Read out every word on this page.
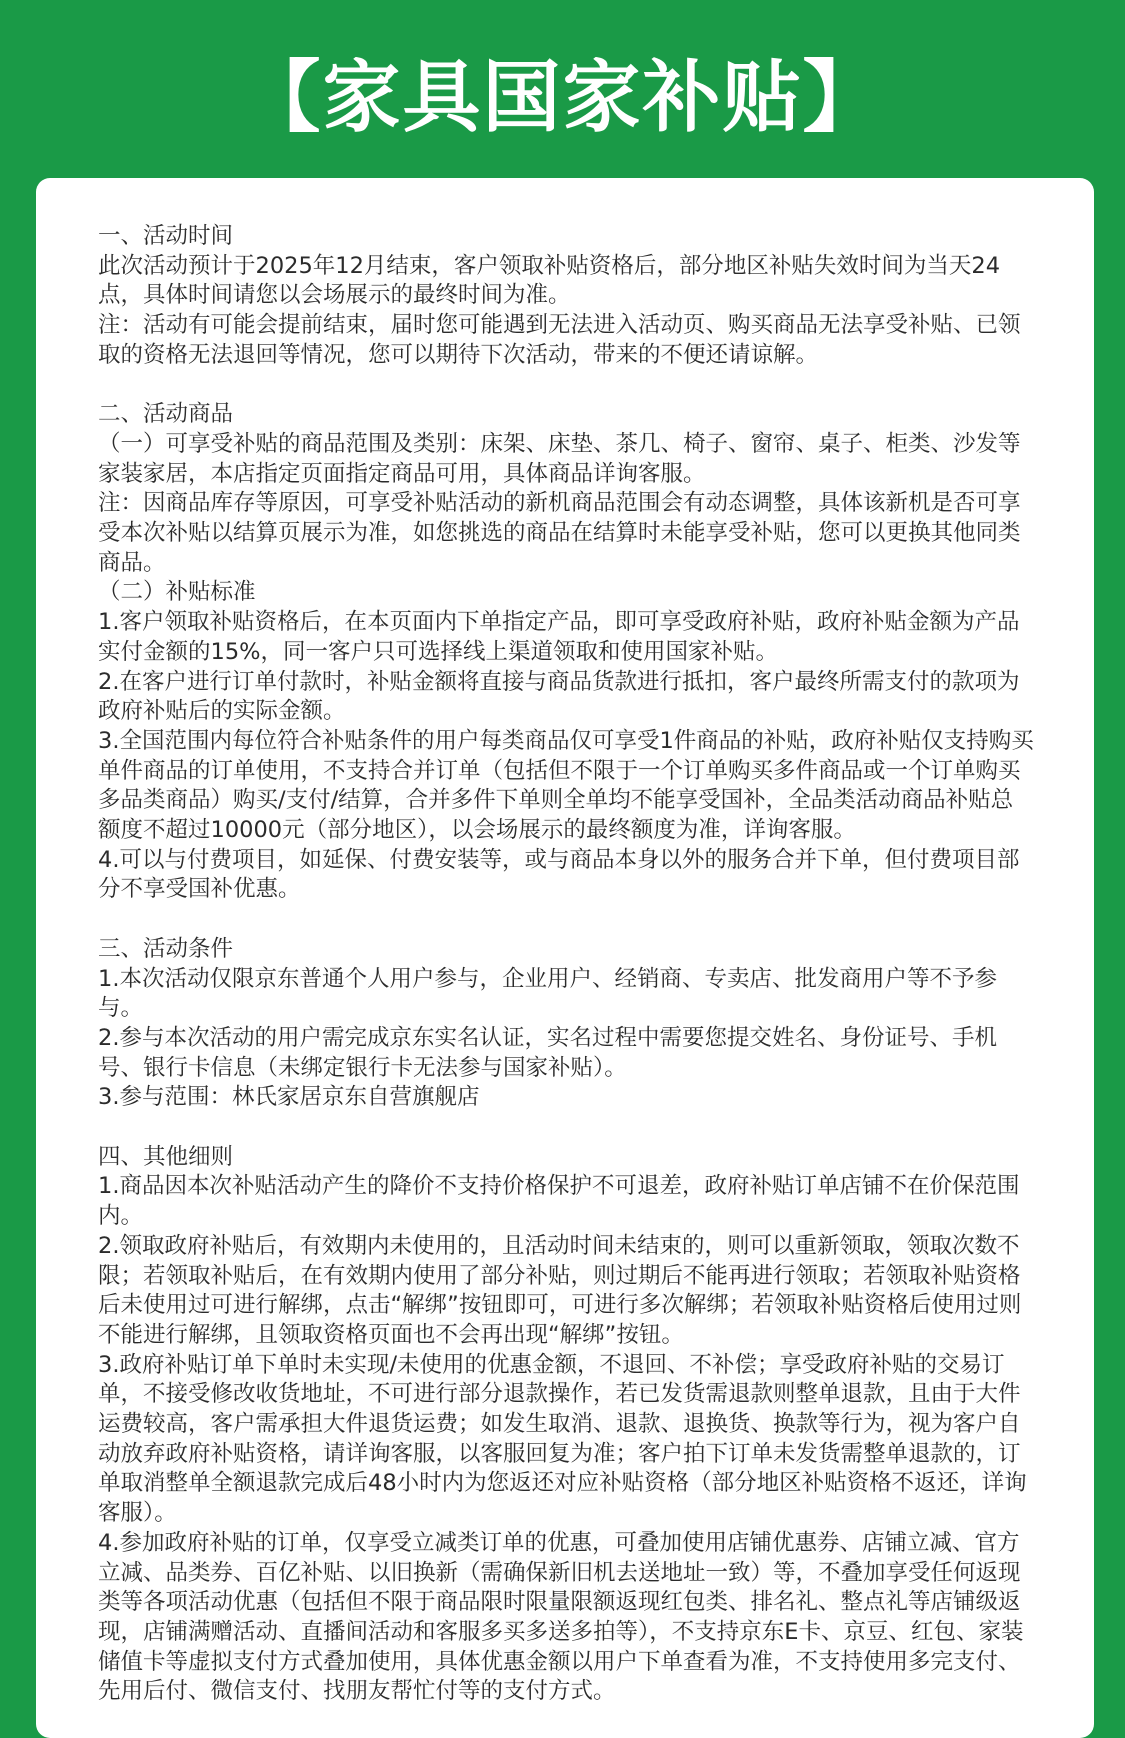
【家具国家补贴】

一、活动时间

此次活动预计于2025年12月结束，客户领取补贴资格后，部分地区补贴失效时间为当天24点，具体时间请您以会场展示的最终时间为准。

注：活动有可能会提前结束，届时您可能遇到无法进入活动页、购买商品无法享受补贴、已领取的资格无法退回等情况，您可以期待下次活动，带来的不便还请谅解。

二、活动商品

（一）可享受补贴的商品范围及类别：床架、床垫、茶几、椅子、窗帘、桌子、柜类、沙发等家装家居，本店指定页面指定商品可用，具体商品详询客服。

注：因商品库存等原因，可享受补贴活动的新机商品范围会有动态调整，具体该新机是否可享受本次补贴以结算页展示为准，如您挑选的商品在结算时未能享受补贴，您可以更换其他同类商品。

（二）补贴标准

1.客户领取补贴资格后，在本页面内下单指定产品，即可享受政府补贴，政府补贴金额为产品实付金额的15%，同一客户只可选择线上渠道领取和使用国家补贴。

2.在客户进行订单付款时，补贴金额将直接与商品货款进行抵扣，客户最终所需支付的款项为政府补贴后的实际金额。

3.全国范围内每位符合补贴条件的用户每类商品仅可享受1件商品的补贴，政府补贴仅支持购买单件商品的订单使用，不支持合并订单（包括但不限于一个订单购买多件商品或一个订单购买多品类商品）购买/支付/结算，合并多件下单则全单均不能享受国补，全品类活动商品补贴总额度不超过10000元（部分地区），以会场展示的最终额度为准，详询客服。

4.可以与付费项目，如延保、付费安装等，或与商品本身以外的服务合并下单，但付费项目部分不享受国补优惠。

三、活动条件

1.本次活动仅限京东普通个人用户参与，企业用户、经销商、专卖店、批发商用户等不予参与。

2.参与本次活动的用户需完成京东实名认证，实名过程中需要您提交姓名、身份证号、手机号、银行卡信息（未绑定银行卡无法参与国家补贴）。

3.参与范围：林氏家居京东自营旗舰店

四、其他细则

1.商品因本次补贴活动产生的降价不支持价格保护不可退差，政府补贴订单店铺不在价保范围内。

2.领取政府补贴后，有效期内未使用的，且活动时间未结束的，则可以重新领取，领取次数不限；若领取补贴后，在有效期内使用了部分补贴，则过期后不能再进行领取；若领取补贴资格后未使用过可进行解绑，点击“解绑”按钮即可，可进行多次解绑；若领取补贴资格后使用过则不能进行解绑，且领取资格页面也不会再出现“解绑”按钮。

3.政府补贴订单下单时未实现/未使用的优惠金额，不退回、不补偿；享受政府补贴的交易订单，不接受修改收货地址，不可进行部分退款操作，若已发货需退款则整单退款，且由于大件运费较高，客户需承担大件退货运费；如发生取消、退款、退换货、换款等行为，视为客户自动放弃政府补贴资格，请详询客服，以客服回复为准；客户拍下订单未发货需整单退款的，订单取消整单全额退款完成后48小时内为您返还对应补贴资格（部分地区补贴资格不返还，详询客服）。

4.参加政府补贴的订单，仅享受立减类订单的优惠，可叠加使用店铺优惠券、店铺立减、官方立减、品类券、百亿补贴、以旧换新（需确保新旧机去送地址一致）等，不叠加享受任何返现类等各项活动优惠（包括但不限于商品限时限量限额返现红包类、排名礼、整点礼等店铺级返现，店铺满赠活动、直播间活动和客服多买多送多拍等），不支持京东E卡、京豆、红包、家装储值卡等虚拟支付方式叠加使用，具体优惠金额以用户下单查看为准，不支持使用多完支付、先用后付、微信支付、找朋友帮忙付等的支付方式。
